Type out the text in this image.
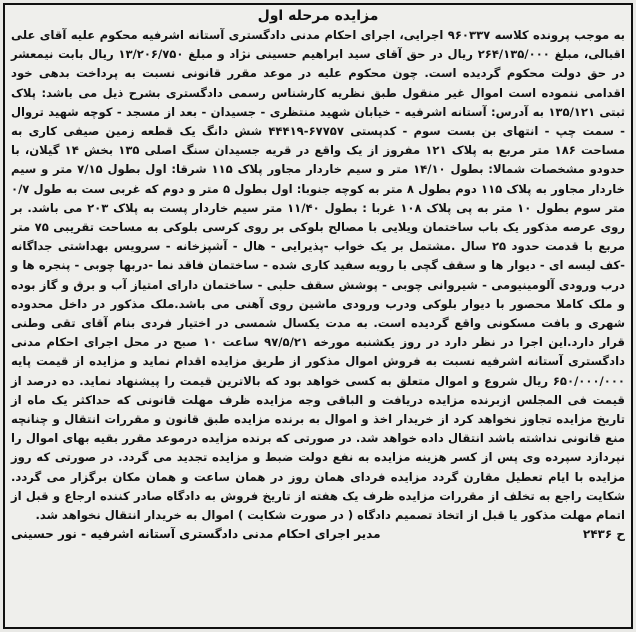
مزایده مرحله اول

به موجب پرونده کلاسه ۹۶۰۳۳۷ اجرایی، اجرای احکام مدنی دادگستری آستانه اشرفیه محکوم علیه آقای علی اقبالی، مبلغ ۲۶۴/۱۳۵/۰۰۰ ریال در حق آقای سید ابراهیم حسینی نژاد و مبلغ ۱۳/۲۰۶/۷۵۰ ریال بابت نیمعشر در حق دولت محکوم گردیده است. چون محکوم علیه در موعد مقرر قانونی نسبت به پرداخت بدهی خود اقدامی ننموده است اموال غیر منقول طبق نظریه کارشناس رسمی دادگستری بشرح ذیل می باشد: پلاک ثبتی ۱۳۵/۱۲۱ به آدرس: آستانه اشرفیه - خیابان شهید منتظری - جسیدان - بعد از مسجد - کوچه شهید تروال - سمت چپ - انتهای بن بست سوم - کدپستی ۶۷۷۵۷-۴۴۴۱۹ شش دانگ یک قطعه زمین صیفی کاری به مساحت ۱۸۶ متر مربع به پلاک ۱۲۱ مفروز از یک واقع در قریه جسیدان سنگ اصلی ۱۳۵ بخش ۱۴ گیلان، با حدودو مشخصات شمالا: بطول ۱۴/۱۰ متر و سیم خاردار مجاور پلاک ۱۱۵ شرقا: اول بطول ۷/۱۵ متر و سیم خاردار مجاور به پلاک ۱۱۵ دوم بطول ۸ متر به کوچه جنوبا: اول بطول ۵ متر و دوم که غربی ست به طول ۰/۷ متر سوم بطول ۱۰ متر به پی پلاک ۱۰۸ غربا : بطول ۱۱/۴۰ متر سیم خاردار پست به پلاک ۲۰۳ می باشد. بر روی عرصه مذکور یک باب ساختمان ویلایی با مصالح بلوکی بر روی کرسی بلوکی به مساحت تقریبی ۷۵ متر مربع با قدمت حدود ۲۵ سال .مشتمل بر یک خواب -پذیرایی - هال - آشپزخانه - سرویس بهداشتی جداگانه -کف لیسه ای - دیوار ها و سقف گچی با رویه سفید کاری شده - ساختمان فاقد نما -دربها چوبی - پنجره ها و درب ورودی آلومینیومی - شیروانی چوبی - پوشش سقف حلبی - ساختمان دارای امتیاز آب و برق و گاز بوده و ملک کاملا محصور با دیوار بلوکی ودرب ورودی ماشین روی آهنی می باشد.ملک مذکور در داخل محدوده شهری و بافت مسکونی واقع گردیده است. به مدت یکسال شمسی در اختیار فردی بنام آقای تقی وطنی قرار دارد.این اجرا در نظر دارد در روز یکشنبه مورخه ۹۷/۵/۲۱ ساعت ۱۰ صبح در محل اجرای احکام مدنی دادگستری آستانه اشرفیه نسبت به فروش اموال مذکور از طریق مزایده اقدام نماید و مزایده از قیمت پایه ۶۵۰/۰۰۰/۰۰۰ ریال شروع و اموال متعلق به کسی خواهد بود که بالاترین قیمت را پیشنهاد نماید. ده درصد از قیمت فی المجلس ازبرنده مزایده دریافت و الباقی وجه مزایده ظرف مهلت قانونی که حداکثر یک ماه از تاریخ مزایده تجاوز نخواهد کرد از خریدار اخذ و اموال به برنده مزایده طبق قانون و مقررات انتقال و چنانچه منع قانونی نداشته باشد انتقال داده خواهد شد. در صورتی که برنده مزایده درموعد مقرر بقیه بهای اموال را نپردازد سپرده وی پس از کسر هزینه مزایده به نفع دولت ضبط و مزایده تجدید می گردد. در صورتی که روز مزایده با ایام تعطیل مقارن گردد مزایده فردای همان روز در همان ساعت و همان مکان برگزار می گردد. شکایت راجع به تخلف از مقررات مزایده ظرف یک هفته از تاریخ فروش به دادگاه صادر کننده ارجاع و قبل از اتمام مهلت مذکور یا قبل از اتخاذ تصمیم دادگاه ( در صورت شکایت ) اموال به خریدار انتقال نخواهد شد.

ح ۲۴۳۶
مدیر اجرای احکام مدنی دادگستری آستانه اشرفیه - نور حسینی
